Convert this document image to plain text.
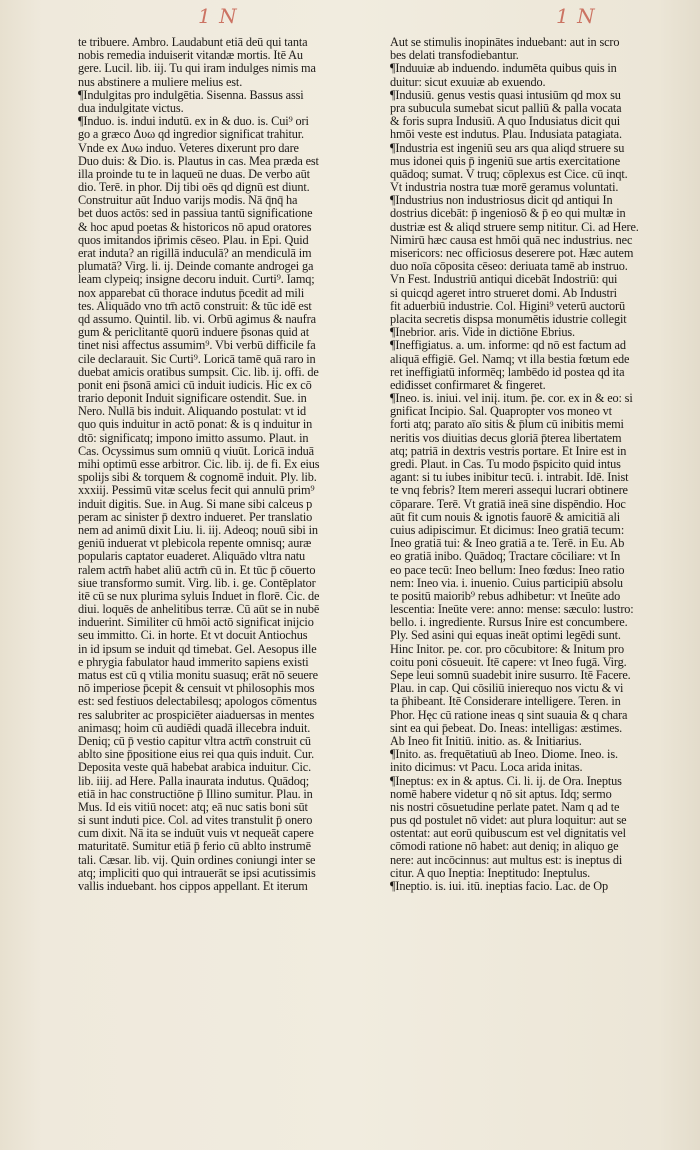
1 N	1 N
te tribuere. Ambro. Laudabunt etiā deū qui tanta
nobis remedia induiserit vitandæ mortis. Itē Au
gere. Lucil. lib. iij. Tu qui iram indulges nimis ma
nus abstinere a muliere melius est.
¶Indulgitas pro indulgētia. Sisenna. Bassus assi
dua indulgitate victus.
¶Induo. is. indui indutū. ex in & duo. is. Cui⁹ ori
go a græco Δυω qd ingredior significat trahitur.
Vnde ex Δυω induo. Veteres dixerunt pro dare
Duo duis: & Dio. is. Plautus in cas. Mea præda est
illa proinde tu te in laqueū ne duas. De verbo aūt
dio. Terē. in phor. Dij tibi oēs qd dignū est diunt.
Construitur aūt Induo varijs modis. Nā q̄nq̄ ha
bet duos actōs: sed in passiua tantū significatione
& hoc apud poetas & historicos nō apud oratores
quos imitandos ip̄rimis cēseo. Plau. in Epi. Quid
erat induta? an rigillā induculā? an mendiculā im
plumatā? Virg. li. ij. Deinde comante androgei ga
leam clypeiq; insigne decoru induit. Curti⁹. Iamq;
nox apparebat cū thorace indutus p̄cedit ad mili
tes. Aliquādo vno tm̄ actō construit: & tūc idē est
qd assumo. Quintil. lib. vi. Orbū agimus & naufra
gum & periclitantē quorū induere p̄sonas quid at
tinet nisi affectus assumim⁹. Vbi verbū difficile fa
cile declarauit. Sic Curti⁹. Loricā tamē quā raro in
duebat amicis oratibus sumpsit. Cic. lib. ij. offi. de
ponit eni p̄sonā amici cū induit iudicis. Hic ex cō
trario deponit Induit significare ostendit. Sue. in
Nero. Nullā bis induit. Aliquando postulat: vt id
quo quis induitur in actō ponat: & is q induitur in
dtō: significatq; impono imitto assumo. Plaut. in
Cas. Ocyssimus sum omniū q viuūt. Loricā induā
mihi optimū esse arbitror. Cic. lib. ij. de fi. Ex eius
spolijs sibi & torquem & cognomē induit. Ply. lib.
xxxiij. Pessimū vitæ scelus fecit qui annulū prim⁹
induit digitis. Sue. in Aug. Si mane sibi calceus p
peram ac sinister p̄ dextro indueret. Per translatio
nem ad animū dixit Liu. li. iij. Adeoq; nouū sibi in
geniū induerat vt plebicola repente omnisq; auræ
popularis captator euaderet. Aliquādo vltra natu
ralem actm̄ habet aliū actm̄ cū in. Et tūc p̄ cōuerto
siue transformo sumit. Virg. lib. i. ge. Contēplator
itē cū se nux plurima syluis Induet in florē. Cic. de
diui. loquēs de anhelitibus terræ. Cū aūt se in nubē
induerint. Similiter cū hmōi actō significat inijcio
seu immitto. Ci. in horte. Et vt docuit Antiochus
in id ipsum se induit qd timebat. Gel. Aesopus ille
e phrygia fabulator haud immerito sapiens existi
matus est cū q vtilia monitu suasuq; erāt nō seuere
nō imperiose p̄cepit & censuit vt philosophis mos
est: sed festiuos delectabilesq; apologos cōmentus
res salubriter ac prospiciēter aiaduersas in mentes
animasq; hoim cū audiēdi quadā illecebra induit.
Deniq; cū p̄ vestio capitur vltra actm̄ construit cū
ablto sine p̄positione eius rei qua quis induit. Cur.
Deposita veste quā habebat arabica induitur. Cic.
lib. iiij. ad Here. Palla inaurata indutus. Quādoq;
etiā in hac constructiōne p̄ Illino sumitur. Plau. in
Mus. Id eis vitiū nocet: atq; eā nuc satis boni sūt
si sunt induti pice. Col. ad vites transtulit p̄ onero
cum dixit. Nā ita se induūt vuis vt nequeāt capere
maturitatē. Sumitur etiā p̄ ferio cū ablto instrumē
tali. Cæsar. lib. vij. Quin ordines coniungi inter se
atq; impliciti quo qui intrauerāt se ipsi acutissimis
vallis induebant. hos cippos appellant. Et iterum
Aut se stimulis inopinātes induebant: aut in scro
bes delati transfodiebantur.
¶Induuiæ ab induendo. indumēta quibus quis in
duitur: sicut exuuiæ ab exuendo.
¶Indusiū. genus vestis quasi intusiūm qd mox su
pra subucula sumebat sicut palliū & palla vocata
& foris supra Indusiū. A quo Indusiatus dicit qui
hmōi veste est indutus. Plau. Indusiata patagiata.
¶Industria est ingeniū seu ars qua aliqd struere su
mus idonei quis p̄ ingeniū sue artis exercitatione
quādoq; sumat. V truq; cōplexus est Cice. cū inqt.
Vt industria nostra tuæ morē geramus voluntati.
¶Industrius non industriosus dicit qd antiqui In
dostrius dicebāt: p̄ ingeniosō & p̄ eo qui multæ in
dustriæ est & aliqd struere semp nititur. Ci. ad Here.
Nimirū hæc causa est hmōi quā nec industrius. nec
misericors: nec officiosus deserere pot. Hæc autem
duo noīa cōposita cēseo: deriuata tamē ab instruo.
Vn Fest. Industriū antiqui dicebāt Indostriū: qui
si quicqd ageret intro strueret domi. Ab Industri
fit aduerbiū industrie. Col. Higini⁹ veterū auctorū
placita secretis dispsa monumētis idustrie collegit
¶Inebrior. aris. Vide in dictiōne Ebrius.
¶Ineffigiatus. a. um. informe: qd nō est factum ad
aliquā effigiē. Gel. Namq; vt illa bestia fœtum ede
ret ineffigiatū informēq; lambēdo id postea qd ita
ediđisset confirmaret & fingeret.
¶Ineo. is. iniui. vel iniį. itum. p̄e. cor. ex in & eo: si
gnificat Incipio. Sal. Quapropter vos moneo vt
forti atq; parato aīo sitis & p̄lum cū inibitis memi
neritis vos diuitias decus gloriā p̄terea libertatem
atq; patriā in dextris vestris portare. Et Inire est in
gredi. Plaut. in Cas. Tu modo p̄spicito quid intus
agant: si tu iubes inibitur tecū. i. intrabit. Idē. Inist
te vnq febris? Item mereri assequi lucrari obtinere
cōparare. Terē. Vt gratiā ineā sine dispēndio. Hoc
aūt fit cum nouis & ignotis fauorē & amicitiā ali
cuius adipiscimur. Et dicimus: Ineo gratiā tecum:
Ineo gratiā tui: & Ineo gratiā a te. Terē. in Eu. Ab
eo gratiā inibo. Quādoq; Tractare cōciliare: vt In
eo pace tecū: Ineo bellum: Ineo fœdus: Ineo ratio
nem: Ineo via. i. inuenio. Cuius participiū absolu
te positū maiorib⁹ rebus adhibetur: vt Ineūte ado
lescentia: Ineūte vere: anno: mense: sæculo: lustro:
bello. i. ingrediente. Rursus Inire est concumbere.
Ply. Sed asini qui equas ineāt optimi legēdi sunt.
Hinc Initor. pe. cor. pro cōcubitore: & Initum pro
coitu poni cōsueuit. Itē capere: vt Ineo fugā. Virg.
Sepe leui somnū suadebit inire susurro. Itē Facere.
Plau. in cap. Qui cōsiliū inierequo nos victu & vi
ta p̄hibeant. Itē Considerare intelligere. Teren. in
Phor. Hęc cū ratione ineas q sint suauia & q chara
sint ea qui p̄ebeat. Do. Ineas: intelligas: æstimes.
Ab Ineo fit Initiū. initio. as. & Initiarius.
¶Inito. as. frequētatiuū ab Ineo. Diome. Ineo. is.
inito dicimus: vt Pacu. Loca arida initas.
¶Ineptus: ex in & aptus. Ci. li. ij. de Ora. Ineptus
nomē habere videtur q nō sit aptus. Idq; sermo
nis nostri cōsuetudine perlate patet. Nam q ad te
pus qd postulet nō videt: aut plura loquitur: aut se
ostentat: aut eorū quibuscum est vel dignitatis vel
cōmodi ratione nō habet: aut deniq; in aliquo ge
nere: aut incōcinnus: aut multus est: is ineptus di
citur. A quo Ineptia: Ineptitudo: Ineptulus.
¶Ineptio. is. iui. itū. ineptias facio. Lac. de Op
